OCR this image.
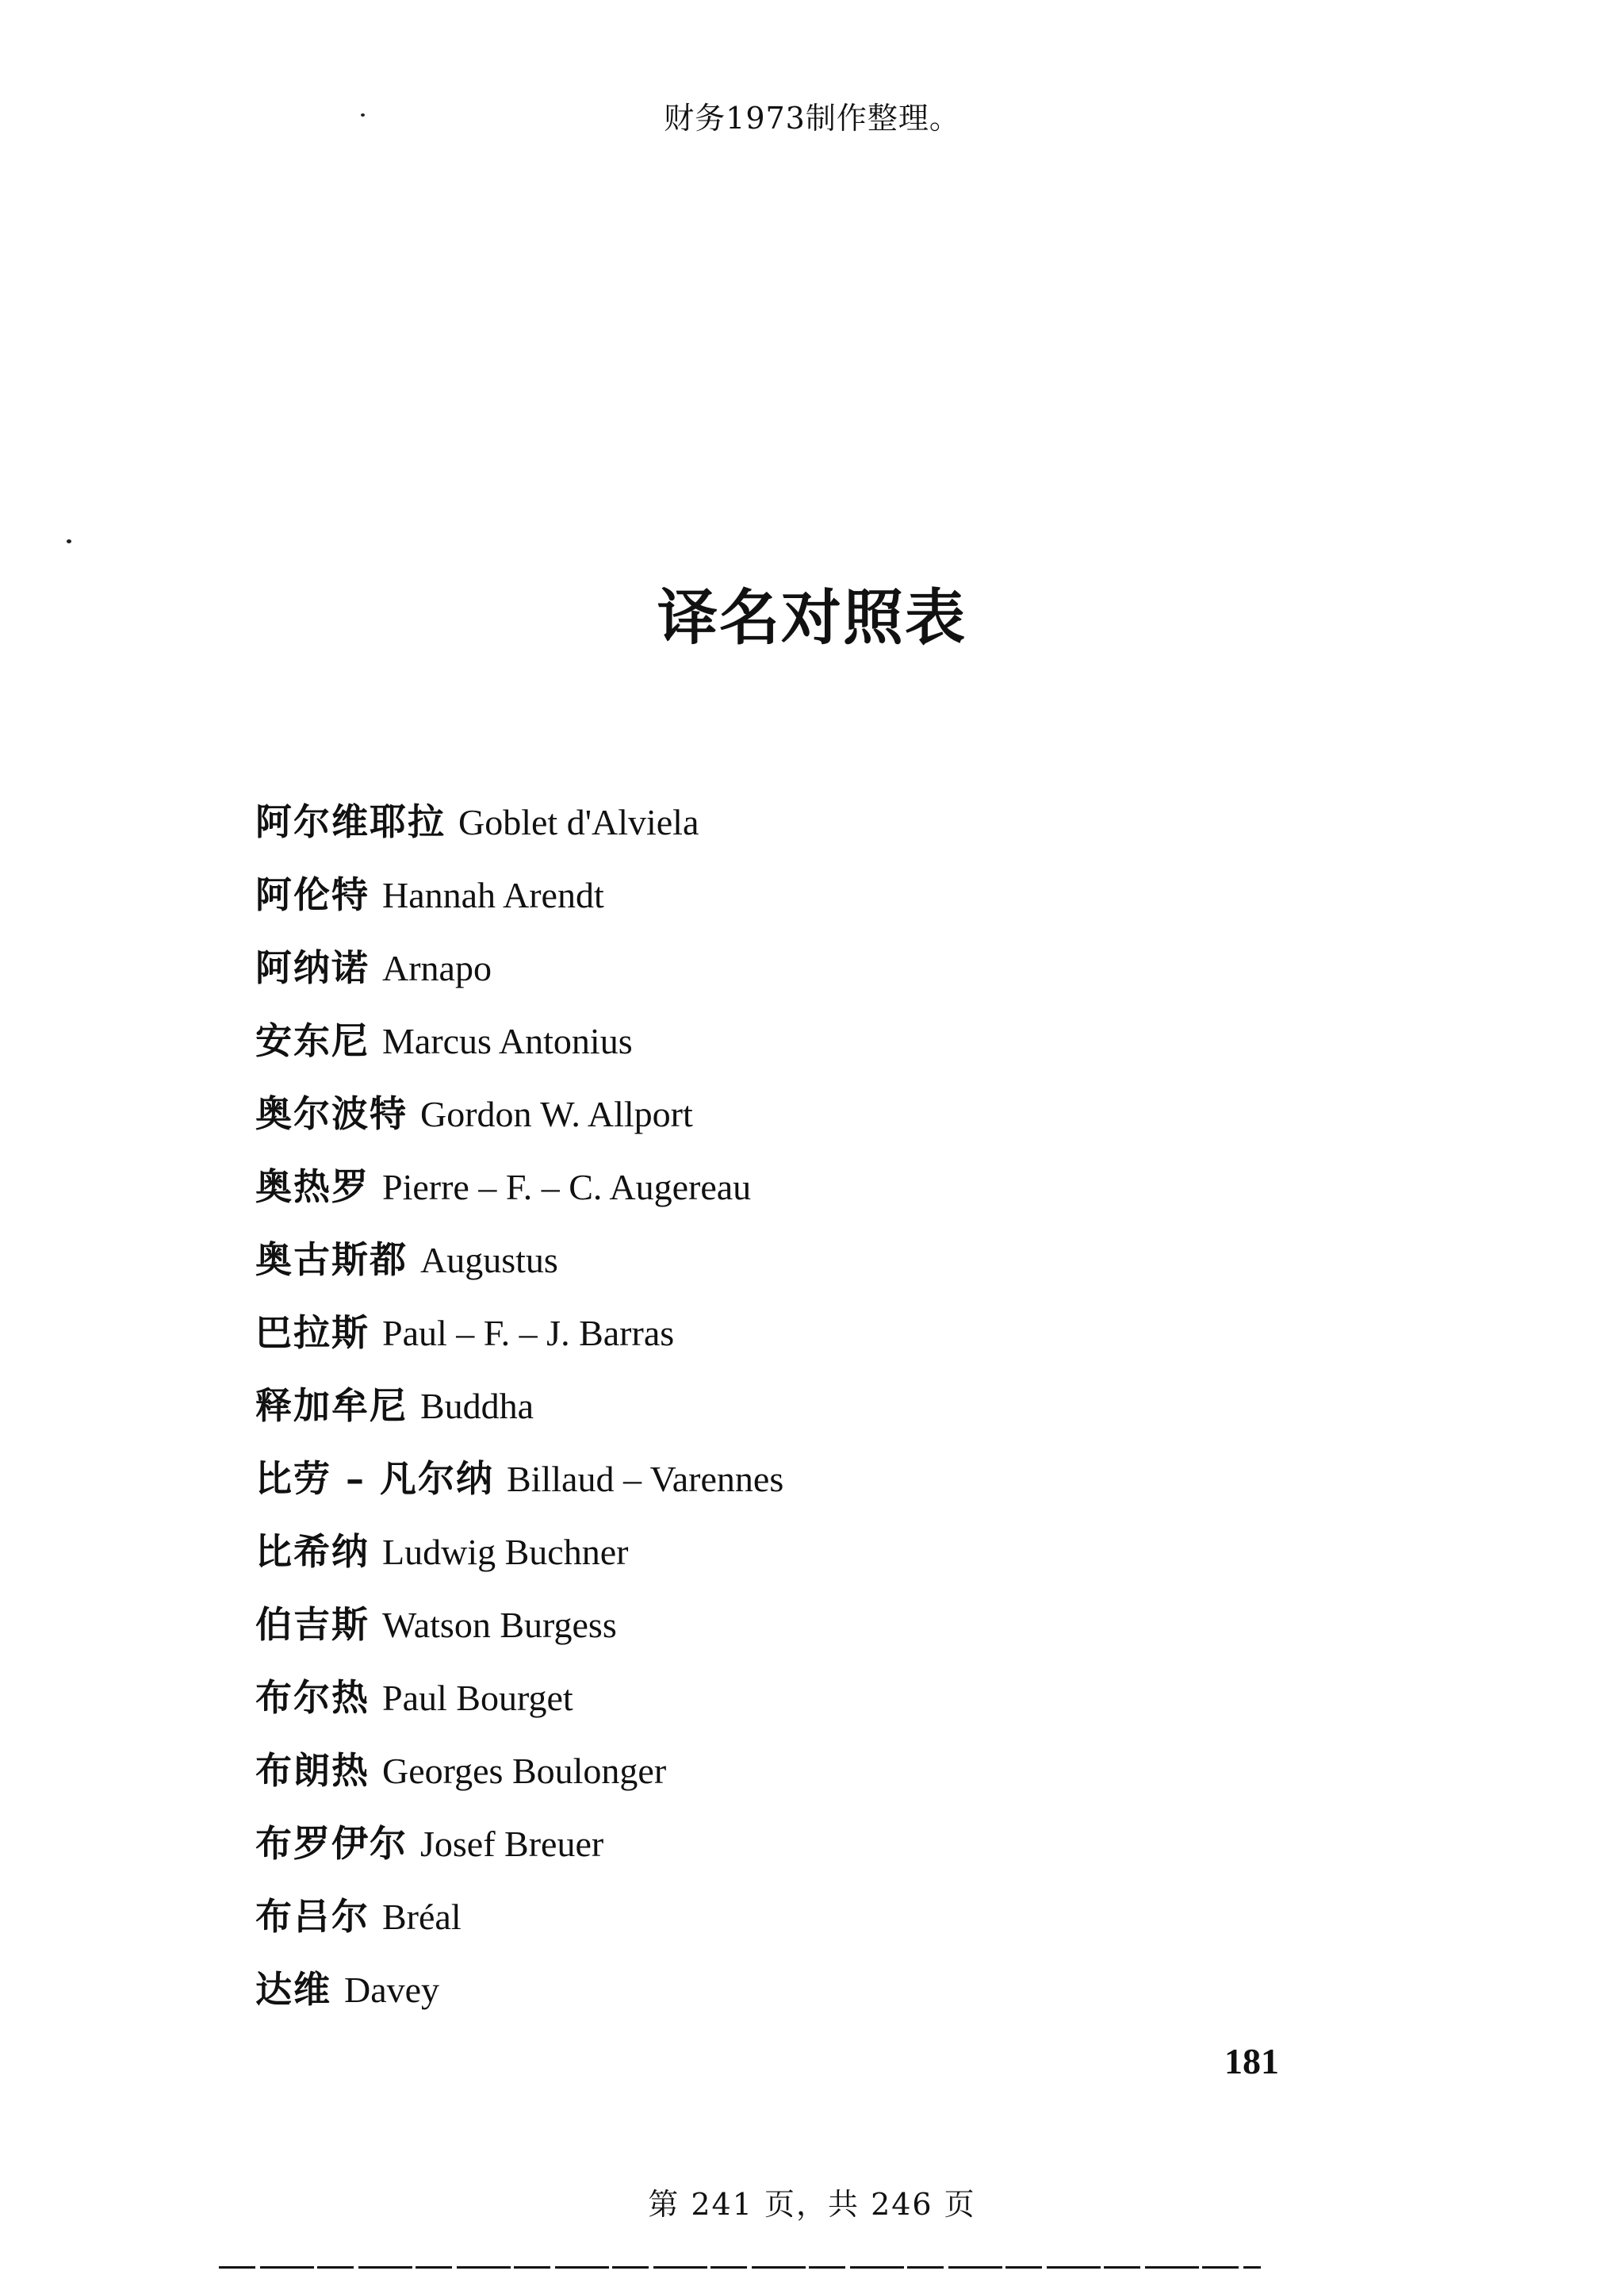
财务1973制作整理。
译名对照表
阿尔维耶拉 Goblet d'Alviela
阿伦特 Hannah Arendt
阿纳诺 Arnapo
安东尼 Marcus Antonius
奥尔波特 Gordon W. Allport
奥热罗 Pierre – F. – C. Augereau
奥古斯都 Augustus
巴拉斯 Paul – F. – J. Barras
释加牟尼 Buddha
比劳 – 凡尔纳 Billaud – Varennes
比希纳 Ludwig Buchner
伯吉斯 Watson Burgess
布尔热 Paul Bourget
布朗热 Georges Boulonger
布罗伊尔 Josef Breuer
布吕尔 Bréal
达维 Davey
181
第 241 页，共 246 页
